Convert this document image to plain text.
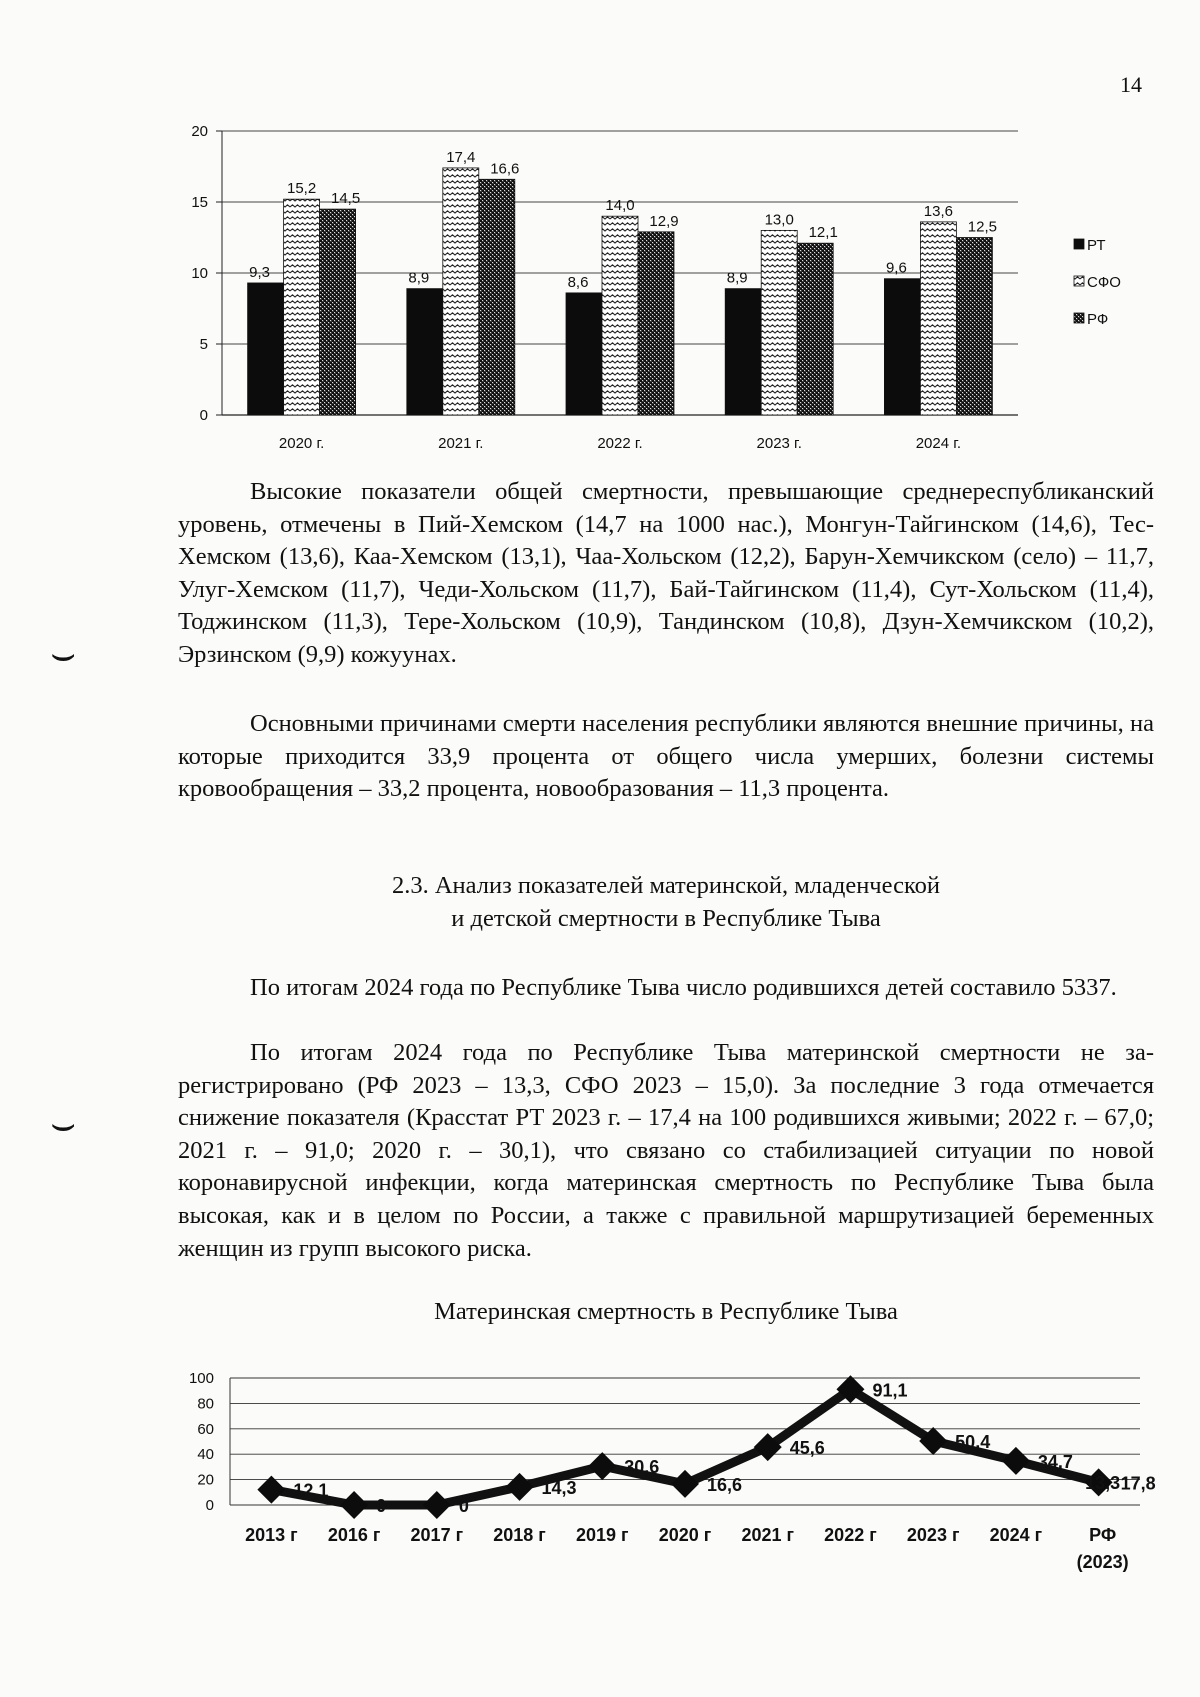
14
⌣
⌣
0
5
10
15
20
9,3
15,2
14,5
2020 г.
8,9
17,4
16,6
2021 г.
8,6
14,0
12,9
2022 г.
8,9
13,0
12,1
2023 г.
9,6
13,6
12,5
2024 г.
РТ
СФО
РФ
0
20
40
60
80
100
12,1
0	0
14,3
30,6
16,6
45,6
91,1
50,4
34,7
17,8
13,3
2013 г 2016 г 2017 г 2018 г 2019 г 2020 г 2021 г 2022 г 2023 г 2024 г	РФ
(2023)

Высокие показатели общей смертности, превышающие среднереспубликанский уровень, отмечены в Пий-Хемском (14,7 на 1000 нас.), Монгун-Тайгинском (14,6), Тес-Хемском (13,6), Каа-Хемском (13,1), Чаа-Хольском (12,2), Барун-Хемчикском (село) – 11,7, Улуг-Хемском (11,7), Чеди-Хольском (11,7), Бай-Тайгинском (11,4), Сут-Хольском (11,4), Тоджинском (11,3), Тере-Хольском (10,9), Тандинском (10,8), Дзун-Хемчикском (10,2), Эрзинском (9,9) кожуунах.

Основными причинами смерти населения республики являются внешние причины, на которые приходится 33,9 процента от общего числа умерших, болезни системы кровообращения – 33,2 процента, новообразования – 11,3 процента.

2.3. Анализ показателей материнской, младенческой
и детской смертности в Республике Тыва

По итогам 2024 года по Республике Тыва число родившихся детей составило 5337.

По итогам 2024 года по Республике Тыва материнской смертности не зарегистрировано (РФ 2023 – 13,3, СФО 2023 – 15,0). За последние 3 года отмечается снижение показателя (Красстат РТ 2023 г. – 17,4 на 100 родившихся живыми; 2022 г. – 67,0; 2021 г. – 91,0; 2020 г. – 30,1), что связано со стабилизацией ситуации по новой коронавирусной инфекции, когда материнская смертность по Республике Тыва была высокая, как и в целом по России, а также с правильной маршрутизацией беременных женщин из групп высокого риска.

Материнская смертность в Республике Тыва
